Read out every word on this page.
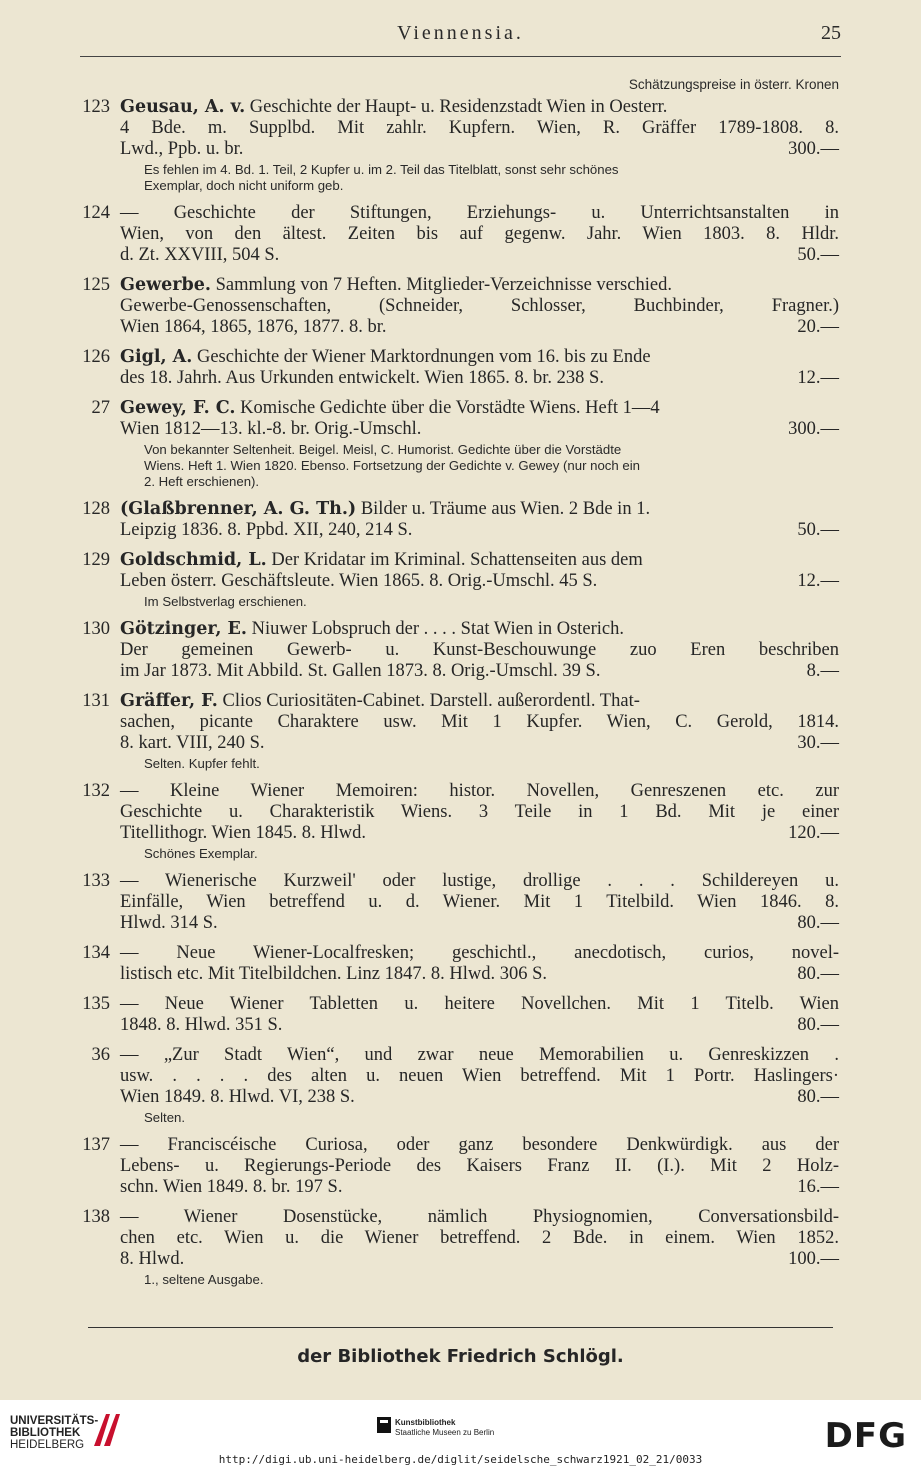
Viennensia.	25
Schätzungspreise in österr. Kronen
123 Geusau, A. v. Geschichte der Haupt- u. Residenzstadt Wien in Oesterr.
4 Bde. m. Supplbd. Mit zahlr. Kupfern. Wien, R. Gräffer 1789-1808. 8.
Lwd., Ppb. u. br.	300.—
Es fehlen im 4. Bd. 1. Teil, 2 Kupfer u. im 2. Teil das Titelblatt, sonst sehr schönes
Exemplar, doch nicht uniform geb.
124 — Geschichte der Stiftungen, Erziehungs- u. Unterrichtsanstalten in
Wien, von den ältest. Zeiten bis auf gegenw. Jahr. Wien 1803. 8. Hldr.
d. Zt. XXVIII, 504 S.	50.—
125 Gewerbe. Sammlung von 7 Heften. Mitglieder-Verzeichnisse verschied.
Gewerbe-Genossenschaften, (Schneider, Schlosser, Buchbinder, Fragner.)
Wien 1864, 1865, 1876, 1877. 8. br.	20.—
126 Gigl, A. Geschichte der Wiener Marktordnungen vom 16. bis zu Ende
des 18. Jahrh. Aus Urkunden entwickelt. Wien 1865. 8. br. 238 S.	12.—
27 Gewey, F. C. Komische Gedichte über die Vorstädte Wiens. Heft 1—4
Wien 1812—13. kl.-8. br. Orig.-Umschl.	300.—
Von bekannter Seltenheit. Beigel. Meisl, C. Humorist. Gedichte über die Vorstädte
Wiens. Heft 1. Wien 1820. Ebenso. Fortsetzung der Gedichte v. Gewey (nur noch ein
2. Heft erschienen).
128 (Glaßbrenner, A. G. Th.) Bilder u. Träume aus Wien. 2 Bde in 1.
Leipzig 1836. 8. Ppbd. XII, 240, 214 S.	50.—
129 Goldschmid, L. Der Kridatar im Kriminal. Schattenseiten aus dem
Leben österr. Geschäftsleute. Wien 1865. 8. Orig.-Umschl. 45 S.	12.—
Im Selbstverlag erschienen.
130 Götzinger, E. Niuwer Lobspruch der . . . . Stat Wien in Osterich.
Der gemeinen Gewerb- u. Kunst-Beschouwunge zuo Eren beschriben
im Jar 1873. Mit Abbild. St. Gallen 1873. 8. Orig.-Umschl. 39 S.	8.—
131 Gräffer, F. Clios Curiositäten-Cabinet. Darstell. außerordentl. That-
sachen, picante Charaktere usw. Mit 1 Kupfer. Wien, C. Gerold, 1814.
8. kart. VIII, 240 S.	30.—
Selten. Kupfer fehlt.
132 — Kleine Wiener Memoiren: histor. Novellen, Genreszenen etc. zur
Geschichte u. Charakteristik Wiens. 3 Teile in 1 Bd. Mit je einer
Titellithogr. Wien 1845. 8. Hlwd.	120.—
Schönes Exemplar.
133 — Wienerische Kurzweil' oder lustige, drollige . . . Schildereyen u.
Einfälle, Wien betreffend u. d. Wiener. Mit 1 Titelbild. Wien 1846. 8.
Hlwd. 314 S.	80.—
134 — Neue Wiener-Localfresken; geschichtl., anecdotisch, curios, novel-
listisch etc. Mit Titelbildchen. Linz 1847. 8. Hlwd. 306 S.	80.—
135 — Neue Wiener Tabletten u. heitere Novellchen. Mit 1 Titelb. Wien
1848. 8. Hlwd. 351 S.	80.—
36 — „Zur Stadt Wien“, und zwar neue Memorabilien u. Genreskizzen .
usw. . . . . des alten u. neuen Wien betreffend. Mit 1 Portr. Haslingers·
Wien 1849. 8. Hlwd. VI, 238 S.	80.—
Selten.
137 — Franciscéische Curiosa, oder ganz besondere Denkwürdigk. aus der
Lebens- u. Regierungs-Periode des Kaisers Franz II. (I.). Mit 2 Holz-
schn. Wien 1849. 8. br. 197 S.	16.—
138 — Wiener Dosenstücke, nämlich Physiognomien, Conversationsbild-
chen etc. Wien u. die Wiener betreffend. 2 Bde. in einem. Wien 1852.
8. Hlwd.	100.—
1., seltene Ausgabe.
der Bibliothek Friedrich Schlögl.
UNIVERSITÄTS-
BIBLIOTHEK
HEIDELBERG
Kunstbibliothek
Staatliche Museen zu Berlin	DFG
http://digi.ub.uni-heidelberg.de/diglit/seidelsche_schwarz1921_02_21/0033
